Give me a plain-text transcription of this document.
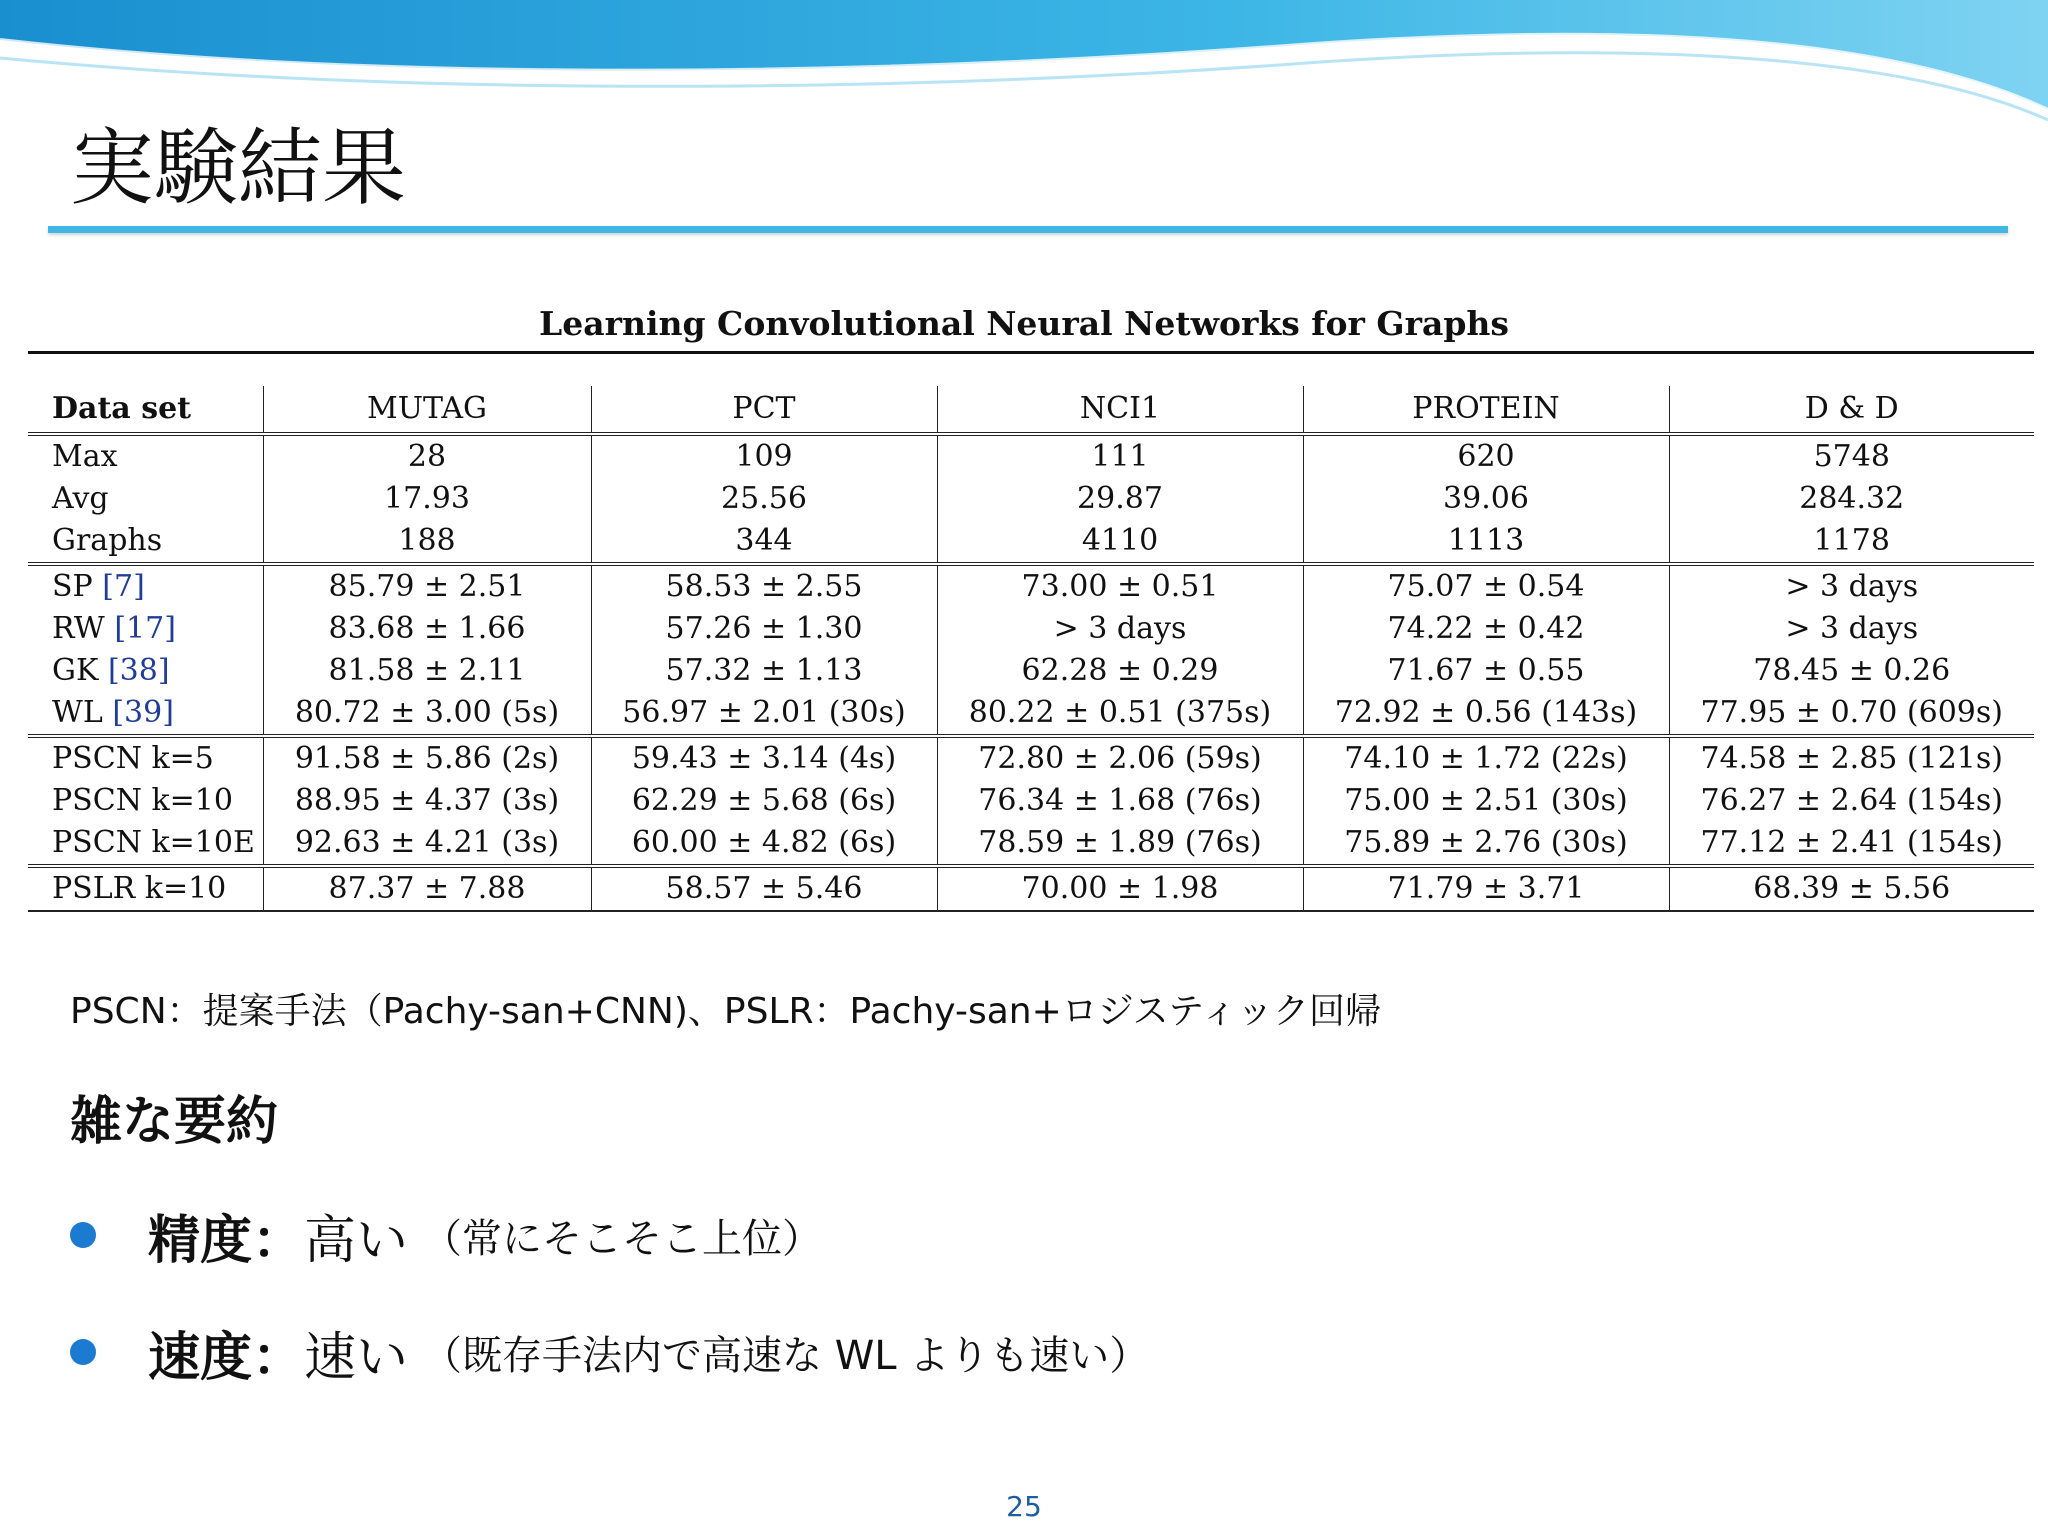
実験結果
Learning Convolutional Neural Networks for Graphs
Data set	MUTAG	PCT	NCI1	PROTEIN	D & D
Max	28	109	111	620	5748
Avg	17.93	25.56	29.87	39.06	284.32
Graphs	188	344	4110	1113	1178
SP [7]	85.79 ± 2.51	58.53 ± 2.55	73.00 ± 0.51	75.07 ± 0.54	> 3 days
RW [17]	83.68 ± 1.66	57.26 ± 1.30	> 3 days	74.22 ± 0.42	> 3 days
GK [38]	81.58 ± 2.11	57.32 ± 1.13	62.28 ± 0.29	71.67 ± 0.55	78.45 ± 0.26
WL [39]	80.72 ± 3.00 (5s)	56.97 ± 2.01 (30s)	80.22 ± 0.51 (375s)	72.92 ± 0.56 (143s)	77.95 ± 0.70 (609s)
PSCN k=5	91.58 ± 5.86 (2s)	59.43 ± 3.14 (4s)	72.80 ± 2.06 (59s)	74.10 ± 1.72 (22s)	74.58 ± 2.85 (121s)
PSCN k=10	88.95 ± 4.37 (3s)	62.29 ± 5.68 (6s)	76.34 ± 1.68 (76s)	75.00 ± 2.51 (30s)	76.27 ± 2.64 (154s)
PSCN k=10E	92.63 ± 4.21 (3s)	60.00 ± 4.82 (6s)	78.59 ± 1.89 (76s)	75.89 ± 2.76 (30s)	77.12 ± 2.41 (154s)
PSLR k=10	87.37 ± 7.88	58.57 ± 5.46	70.00 ± 1.98	71.79 ± 3.71	68.39 ± 5.56
PSCN：提案手法（Pachy-san+CNN)、PSLR：Pachy-san+ロジスティック回帰
雑な要約
精度： 高い （常にそこそこ上位）
速度： 速い （既存手法内で高速な WL よりも速い）
25
